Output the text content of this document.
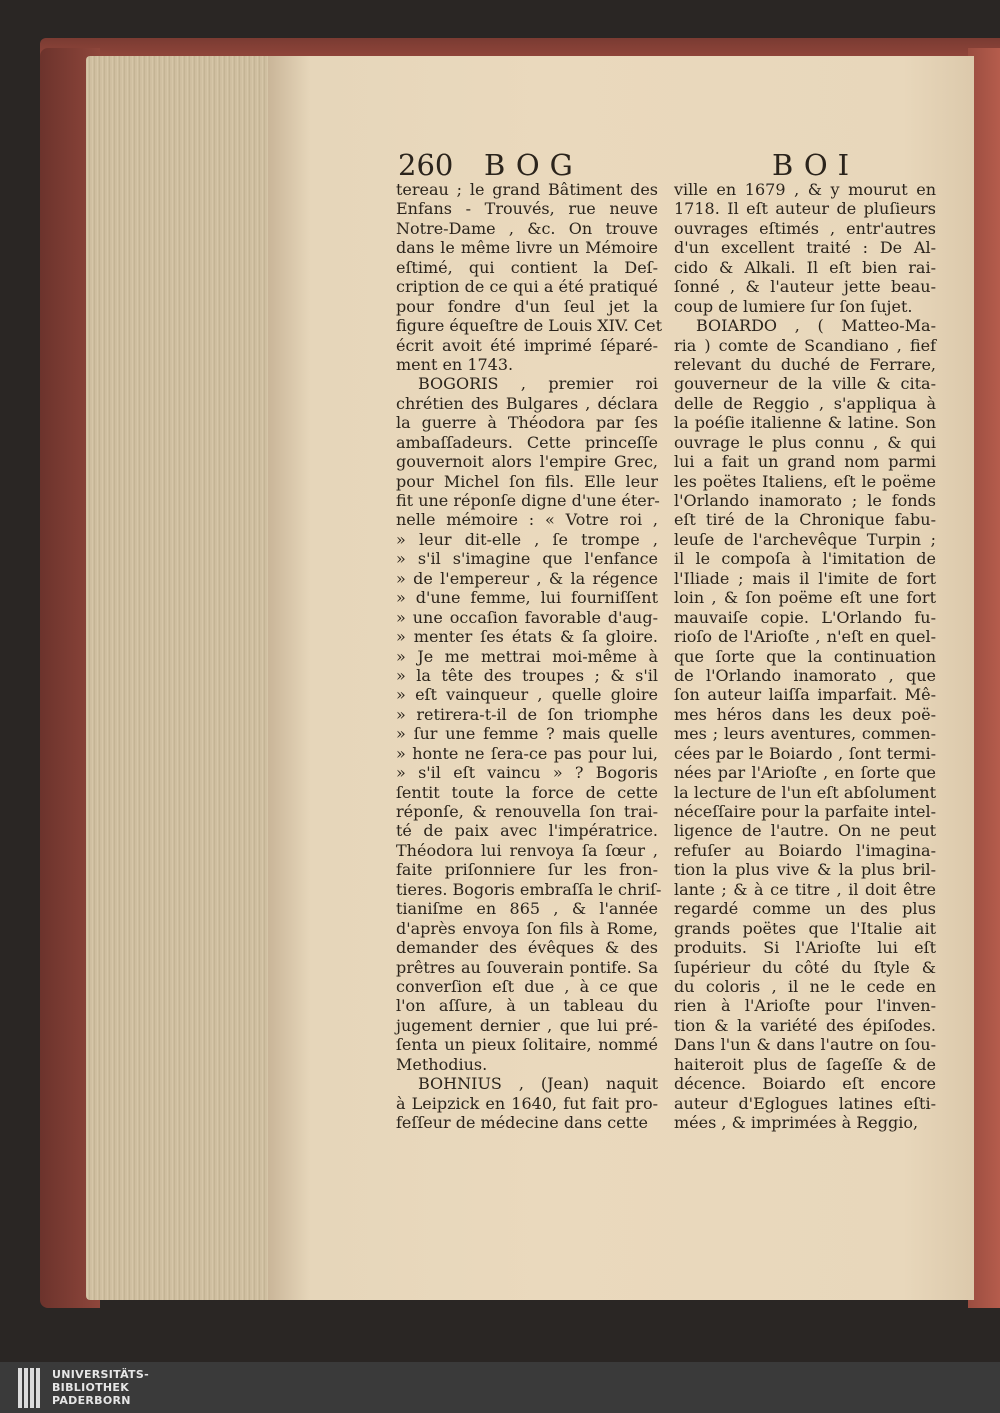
260 BOG	BOI
tereau ; le grand Bâtiment des
Enfans - Trouvés, rue neuve
Notre-Dame , &c. On trouve
dans le même livre un Mémoire
eſtimé, qui contient la Deſ-
cription de ce qui a été pratiqué
pour fondre d'un ſeul jet la
figure équeſtre de Louis XIV. Cet
écrit avoit été imprimé ſéparé-
ment en 1743.
BOGORIS , premier roi
chrétien des Bulgares , déclara
la guerre à Théodora par ſes
ambaſſadeurs. Cette princeſſe
gouvernoit alors l'empire Grec,
pour Michel ſon fils. Elle leur
fit une réponſe digne d'une éter-
nelle mémoire : « Votre roi ,
» leur dit-elle , ſe trompe ,
» s'il s'imagine que l'enfance
» de l'empereur , & la régence
» d'une femme, lui fourniſſent
» une occaſion favorable d'aug-
» menter ſes états & ſa gloire.
» Je me mettrai moi-même à
» la tête des troupes ; & s'il
» eſt vainqueur , quelle gloire
» retirera-t-il de ſon triomphe
» ſur une femme ? mais quelle
» honte ne ſera-ce pas pour lui,
» s'il eſt vaincu » ? Bogoris
ſentit toute la force de cette
réponſe, & renouvella ſon trai-
té de paix avec l'impératrice.
Théodora lui renvoya ſa ſœur ,
faite priſonniere ſur les fron-
tieres. Bogoris embraſſa le chriſ-
tianiſme en 865 , & l'année
d'après envoya ſon fils à Rome,
demander des évêques & des
prêtres au ſouverain pontife. Sa
converſion eſt due , à ce que
l'on aſſure, à un tableau du
jugement dernier , que lui pré-
ſenta un pieux ſolitaire, nommé
Methodius.
BOHNIUS , (Jean) naquit
à Leipzick en 1640, fut fait pro-
feſſeur de médecine dans cette
ville en 1679 , & y mourut en
1718. Il eſt auteur de pluſieurs
ouvrages eſtimés , entr'autres
d'un excellent traité : De Al-
cido & Alkali. Il eſt bien rai-
ſonné , & l'auteur jette beau-
coup de lumiere ſur ſon ſujet.
BOIARDO , ( Matteo-Ma-
ria ) comte de Scandiano , fief
relevant du duché de Ferrare,
gouverneur de la ville & cita-
delle de Reggio , s'appliqua à
la poéſie italienne & latine. Son
ouvrage le plus connu , & qui
lui a fait un grand nom parmi
les poëtes Italiens, eſt le poëme
l'Orlando inamorato ; le fonds
eſt tiré de la Chronique fabu-
leuſe de l'archevêque Turpin ;
il le compoſa à l'imitation de
l'Iliade ; mais il l'imite de fort
loin , & ſon poëme eſt une fort
mauvaiſe copie. L'Orlando fu-
rioſo de l'Arioſte , n'eſt en quel-
que ſorte que la continuation
de l'Orlando inamorato , que
ſon auteur laiſſa imparfait. Mê-
mes héros dans les deux poë-
mes ; leurs aventures, commen-
cées par le Boiardo , ſont termi-
nées par l'Arioſte , en ſorte que
la lecture de l'un eſt abſolument
néceſſaire pour la parfaite intel-
ligence de l'autre. On ne peut
refuſer au Boiardo l'imagina-
tion la plus vive & la plus bril-
lante ; & à ce titre , il doit être
regardé comme un des plus
grands poëtes que l'Italie ait
produits. Si l'Arioſte lui eſt
ſupérieur du côté du ſtyle &
du coloris , il ne le cede en
rien à l'Arioſte pour l'inven-
tion & la variété des épiſodes.
Dans l'un & dans l'autre on ſou-
haiteroit plus de ſageſſe & de
décence. Boiardo eſt encore
auteur d'Eglogues latines eſti-
mées , & imprimées à Reggio,
UNIVERSITÄTS-
BIBLIOTHEK
PADERBORN
